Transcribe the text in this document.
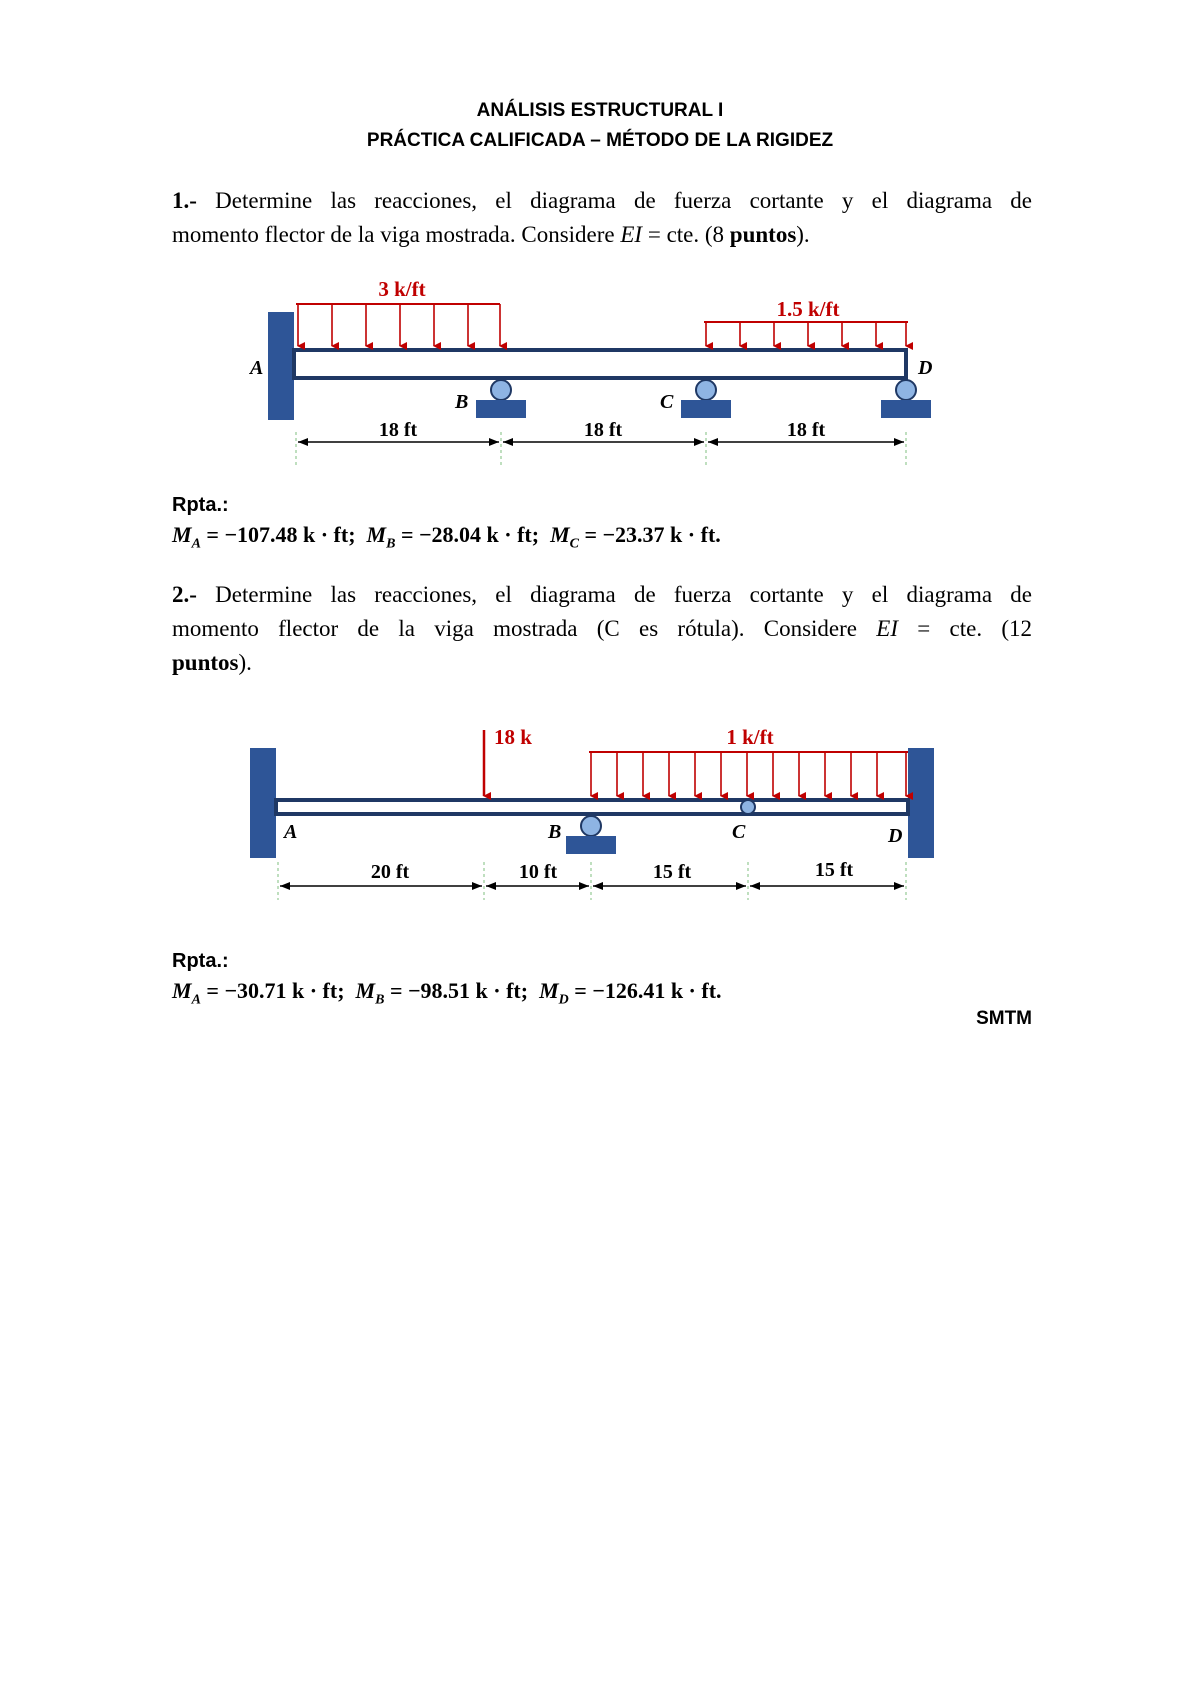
ANÁLISIS ESTRUCTURAL I
PRÁCTICA CALIFICADA – MÉTODO DE LA RIGIDEZ
1.- Determine las reacciones, el diagrama de fuerza cortante y el diagrama de
momento flector de la viga mostrada. Considere EI = cte. (8 puntos).
3 k/ft
1.5 k/ft
A
B	C
D
18 ft	18 ft	18 ft
18 k	1 k/ft
A	B	C	D
20 ft	10 ft	15 ft	15 ft
Rpta.:
$M_A = -107.48$ k · ft; $M_B = -28.04$ k · ft; $M_C = -23.37$ k · ft.
2.- Determine las reacciones, el diagrama de fuerza cortante y el diagrama de
momento flector de la viga mostrada (C es rótula). Considere EI = cte. (12
puntos).
Rpta.:
$M_A = -30.71$ k · ft; $M_B = -98.51$ k · ft; $M_D = -126.41$ k · ft.
SMTM
